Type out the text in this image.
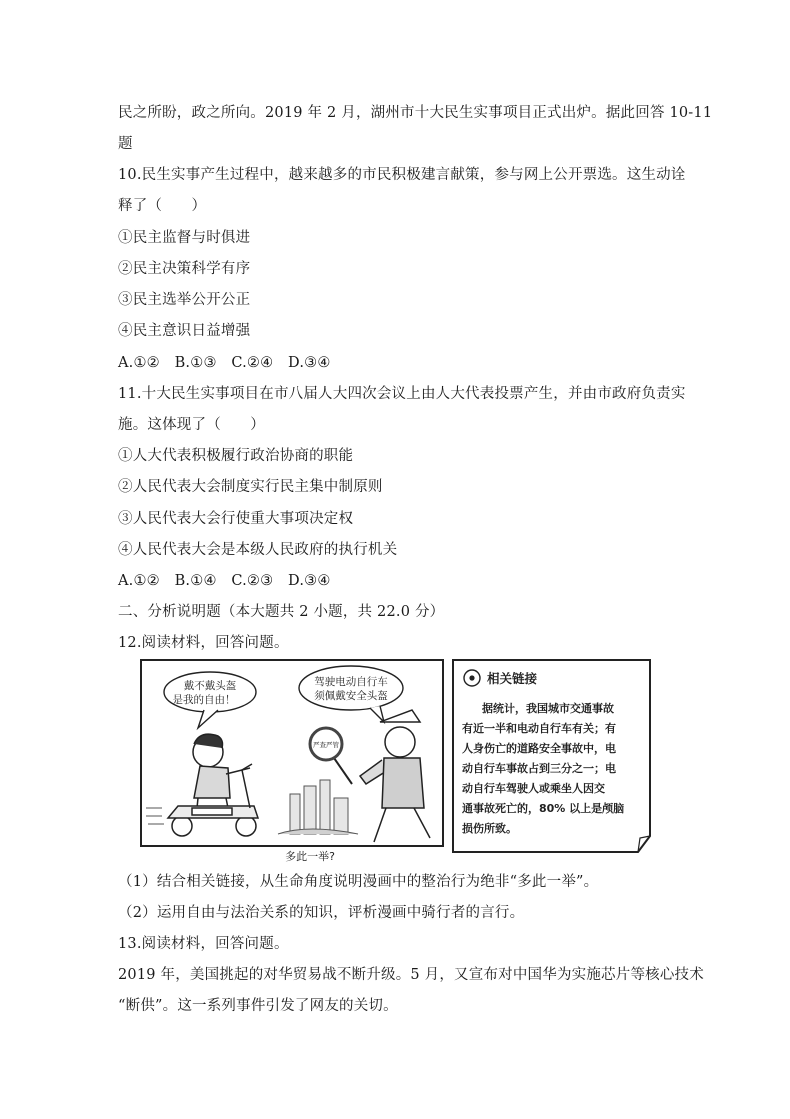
民之所盼，政之所向。2019 年 2 月，湖州市十大民生实事项目正式出炉。据此回答 10-11
题
10.民生实事产生过程中，越来越多的市民积极建言献策，参与网上公开票选。这生动诠
释了（　　）
①民主监督与时俱进
②民主决策科学有序
③民主选举公开公正
④民主意识日益增强
A.①②　B.①③　C.②④　D.③④
11.十大民生实事项目在市八届人大四次会议上由人大代表投票产生，并由市政府负责实
施。这体现了（　　）
①人大代表积极履行政治协商的职能
②人民代表大会制度实行民主集中制原则
③人民代表大会行使重大事项决定权
④人民代表大会是本级人民政府的执行机关
A.①②　B.①④　C.②③　D.③④
二、分析说明题（本大题共 2 小题，共 22.0 分）
12.阅读材料，回答问题。
戴不戴头盔
是我的自由！
驾驶电动自行车
须佩戴安全头盔
严查严管
多此一举?
相关链接
据统计，我国城市交通事故
有近一半和电动自行车有关；有
人身伤亡的道路安全事故中，电
动自行车事故占到三分之一；电
动自行车驾驶人或乘坐人因交
通事故死亡的，80% 以上是颅脑
损伤所致。
（1）结合相关链接，从生命角度说明漫画中的整治行为绝非“多此一举”。
（2）运用自由与法治关系的知识，评析漫画中骑行者的言行。
13.阅读材料，回答问题。
2019 年，美国挑起的对华贸易战不断升级。5 月，又宣布对中国华为实施芯片等核心技术
“断供”。这一系列事件引发了网友的关切。
